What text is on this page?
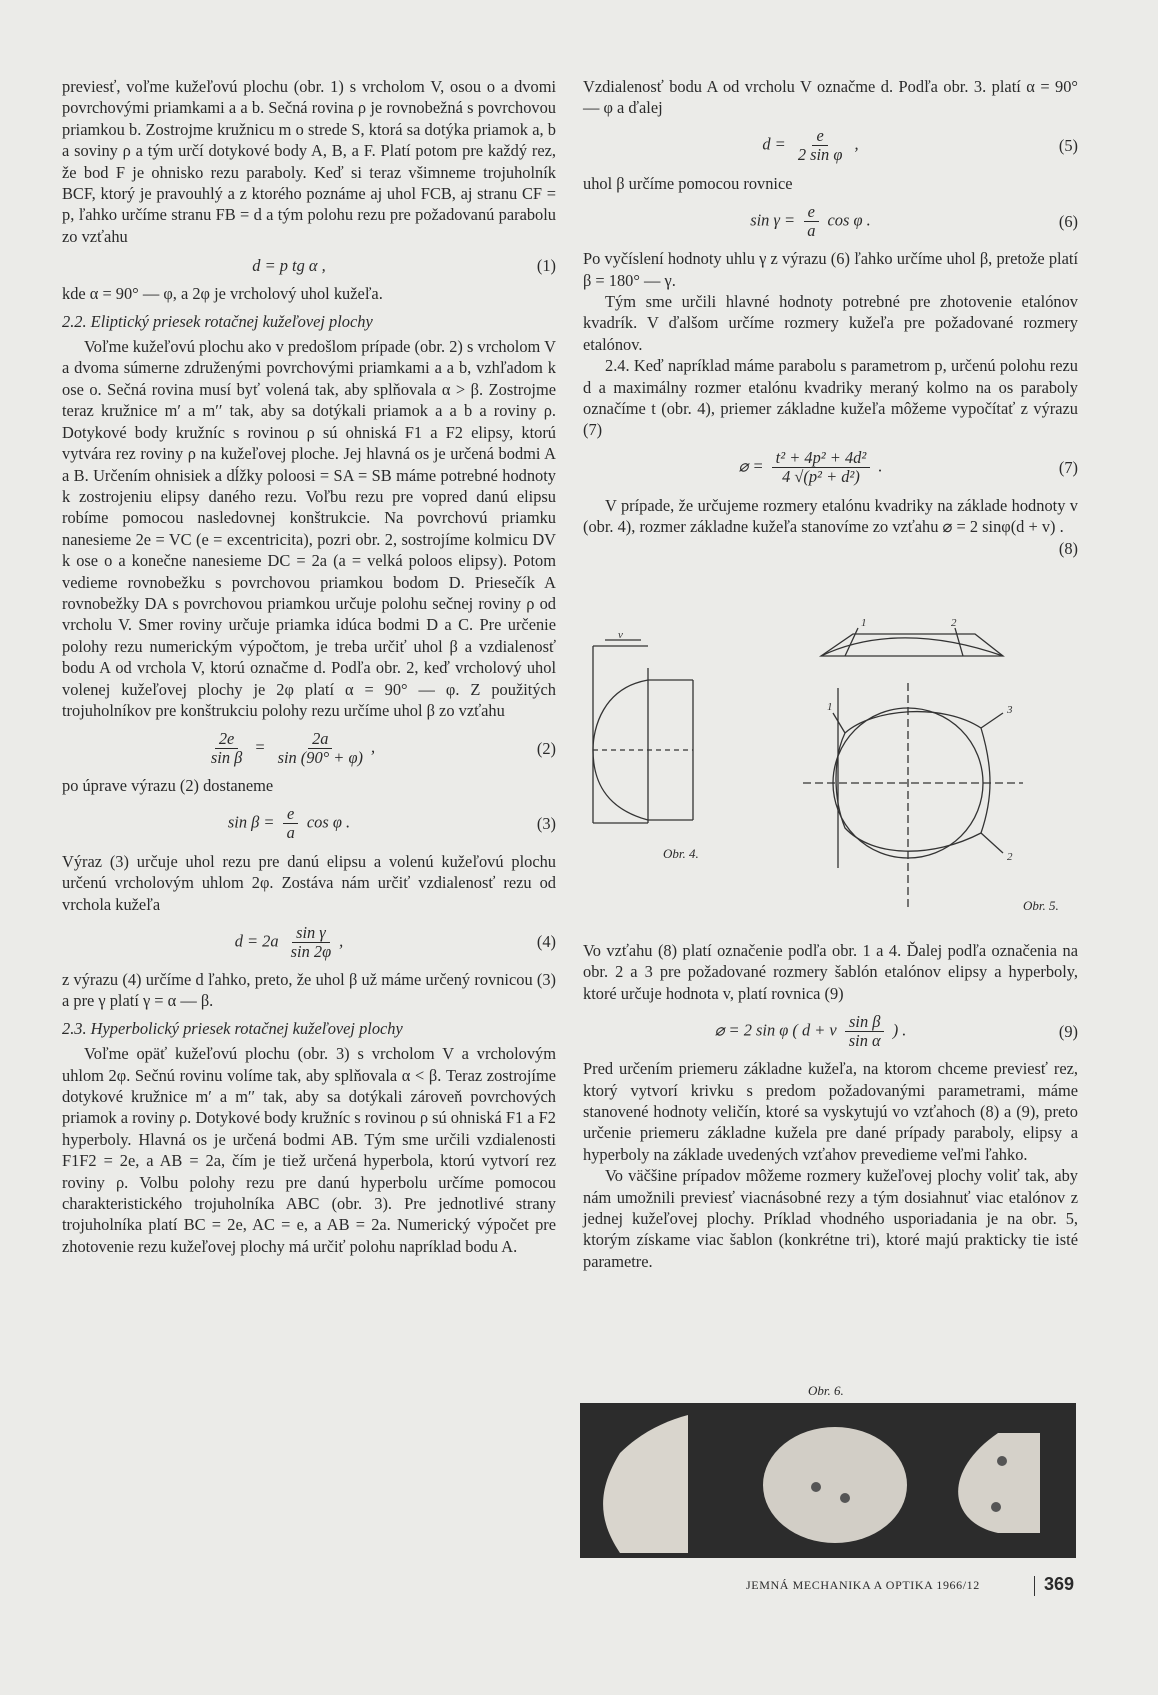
previesť, voľme kužeľovú plochu (obr. 1) s vrcholom V, osou o a dvomi povrchovými priamkami a a b. Sečná rovina ρ je rovnobežná s povrchovou priamkou b. Zostrojme kružnicu m o strede S, ktorá sa dotýka priamok a, b a soviny ρ a tým určí dotykové body A, B, a F. Platí potom pre každý rez, že bod F je ohnisko rezu paraboly. Keď si teraz všimneme trojuholník BCF, ktorý je pravouhlý a z ktorého poznáme aj uhol FCB, aj stranu CF = p, ľahko určíme stranu FB = d a tým polohu rezu pre požadovanú parabolu zo vzťahu

d = p tg α ,	(1)

kde α = 90° — φ, a 2φ je vrcholový uhol kužeľa.

2.2. Eliptický priesek rotačnej kužeľovej plochy

Voľme kužeľovú plochu ako v predošlom prípade (obr. 2) s vrcholom V a dvoma súmerne združenými povrchovými priamkami a a b, vzhľadom k ose o. Sečná rovina musí byť volená tak, aby splňovala α > β. Zostrojme teraz kružnice m′ a m′′ tak, aby sa dotýkali priamok a a b a roviny ρ. Dotykové body kružníc s rovinou ρ sú ohniská F1 a F2 elipsy, ktorú vytvára rez roviny ρ na kužeľovej ploche. Jej hlavná os je určená bodmi A a B. Určením ohnisiek a dĺžky poloosi = SA = SB máme potrebné hodnoty k zostrojeniu elipsy daného rezu. Voľbu rezu pre vopred danú elipsu robíme pomocou nasledovnej konštrukcie. Na povrchovú priamku nanesieme 2e = VC (e = excentricita), pozri obr. 2, sostrojíme kolmicu DV k ose o a konečne nanesieme DC = 2a (a = velká poloos elipsy). Potom vedieme rovnobežku s povrchovou priamkou bodom D. Priesečík A rovnobežky DA s povrchovou priamkou určuje polohu sečnej roviny ρ od vrcholu V. Smer roviny určuje priamka idúca bodmi D a C. Pre určenie polohy rezu numerickým výpočtom, je treba určiť uhol β a vzdialenosť bodu A od vrchola V, ktorú označme d. Podľa obr. 2, keď vrcholový uhol volenej kužeľovej plochy je 2φ platí α = 90° — φ. Z použitých trojuholníkov pre konštrukciu polohy rezu určíme uhol β zo vzťahu

$\frac{2e}{\text{sin β}} = \frac{2a}{\sin (90^\circ + \varphi)}$ ,	(2)

po úprave výrazu (2) dostaneme

$\sin \beta = \frac{e}{a}$ cos φ .	(3)

Výraz (3) určuje uhol rezu pre danú elipsu a volenú kužeľovú plochu určenú vrcholovým uhlom 2φ. Zostáva nám určiť vzdialenosť rezu od vrchola kužeľa

$d = 2a \frac{\text{sin γ}}{\sin 2\varphi}$ ,	(4)

z výrazu (4) určíme d ľahko, preto, že uhol β už máme určený rovnicou (3) a pre γ platí γ = α — β.

2.3. Hyperbolický priesek rotačnej kužeľovej plochy

Voľme opäť kužeľovú plochu (obr. 3) s vrcholom V a vrcholovým uhlom 2φ. Sečnú rovinu volíme tak, aby splňovala α < β. Teraz zostrojíme dotykové kružnice m′ a m′′ tak, aby sa dotýkali zároveň povrchových priamok a roviny ρ. Dotykové body kružníc s rovinou ρ sú ohniská F1 a F2 hyperboly. Hlavná os je určená bodmi AB. Tým sme určili vzdialenosti F1F2 = 2e, a AB = 2a, čím je tiež určená hyperbola, ktorú vytvorí rez roviny ρ. Volbu polohy rezu pre danú hyperbolu určíme pomocou charakteristického trojuholníka ABC (obr. 3). Pre jednotlivé strany trojuholníka platí BC = 2e, AC = e, a AB = 2a. Numerický výpočet pre zhotovenie rezu kužeľovej plochy má určiť polohu napríklad bodu A.

Vzdialenosť bodu A od vrcholu V označme d. Podľa obr. 3. platí α = 90° — φ a ďalej

$d = \frac{e}{\text{2 sin φ}}$ ,	(5)

uhol β určíme pomocou rovnice

$\sin \gamma = \frac{e}{a}$ cos φ .	(6)

Po vyčíslení hodnoty uhlu γ z výrazu (6) ľahko určíme uhol β, pretože platí β = 180° — γ.

Tým sme určili hlavné hodnoty potrebné pre zhotovenie etalónov kvadrík. V ďalšom určíme rozmery kužeľa pre požadované rozmery etalónov.

2.4. Keď napríklad máme parabolu s parametrom p, určenú polohu rezu d a maximálny rozmer etalónu kvadriky meraný kolmo na os paraboly označíme t (obr. 4), priemer základne kužeľa môžeme vypočítať z výrazu (7)

⌀ = $\frac{\text{t² + 4p² + 4d²}}{\text{4 √(p² + d²)}}$ .	(7)

V prípade, že určujeme rozmery etalónu kvadriky na základe hodnoty v (obr. 4), rozmer základne kužeľa stanovíme zo vzťahu ⌀ = 2 sinφ(d + v) .

(8)
v
1	2
1	3
2
Obr. 4.
Obr. 5.

Vo vzťahu (8) platí označenie podľa obr. 1 a 4. Ďalej podľa označenia na obr. 2 a 3 pre požadované rozmery šablón etalónov elipsy a hyperboly, ktoré určuje hodnota v, platí rovnica (9)

⌀ = 2 sin φ ( d + v $\frac{\text{sin β}}{\text{sin α}}$ ) .	(9)

Pred určením priemeru základne kužeľa, na ktorom chceme previesť rez, ktorý vytvorí krivku s predom požadovanými parametrami, máme stanovené hodnoty veličín, ktoré sa vyskytujú vo vzťahoch (8) a (9), preto určenie priemeru základne kužela pre dané prípady paraboly, elipsy a hyperboly na základe uvedených vzťahov prevedieme veľmi ľahko.

Vo väčšine prípadov môžeme rozmery kužeľovej plochy voliť tak, aby nám umožnili previesť viacnásobné rezy a tým dosiahnuť viac etalónov z jednej kužeľovej plochy. Príklad vhodného usporiadania je na obr. 5, ktorým získame viac šablon (konkrétne tri), ktoré majú prakticky tie isté parametre.

Obr. 6.
JEMNÁ MECHANIKA A OPTIKA 1966/12	369
